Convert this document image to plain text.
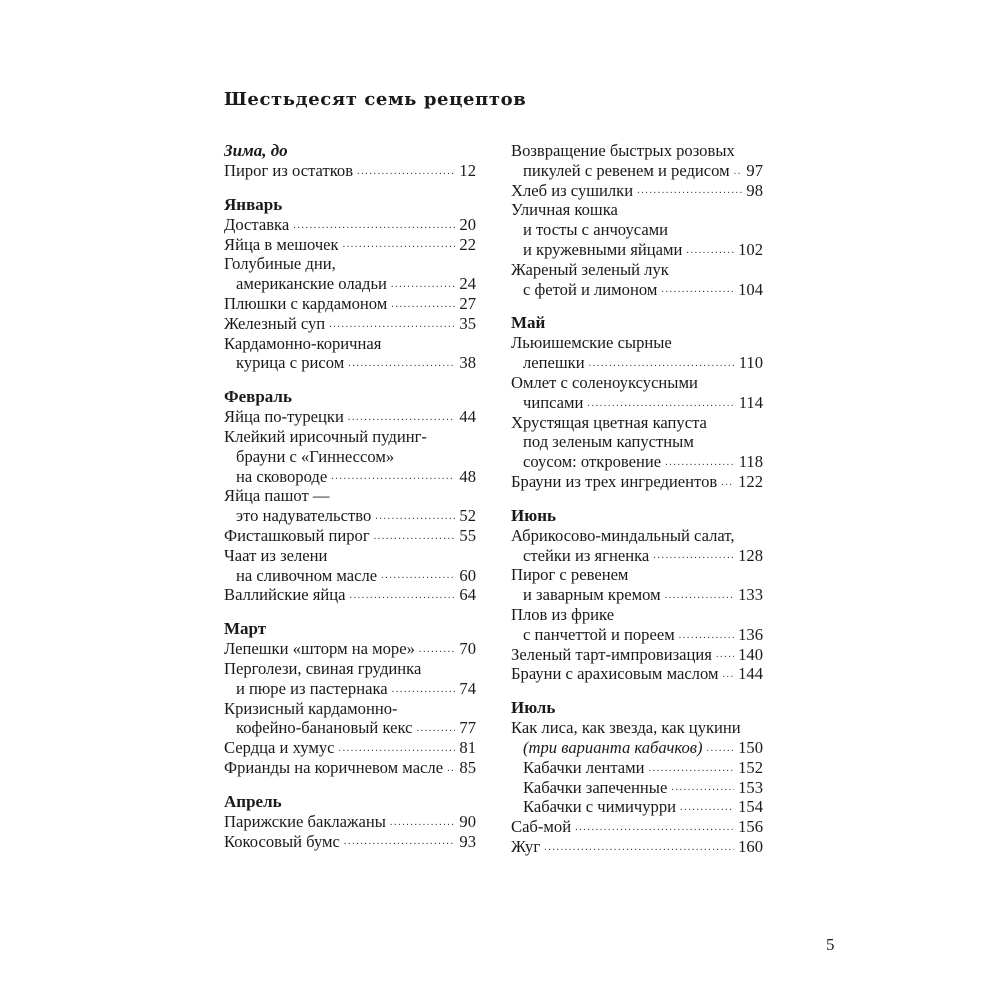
Шестьдесят семь рецептов
Зима, до
Пирог из остатков .....	12
Январь
Доставка .....	20
Яйца в мешочек .....	22
Голубиные дни,
американские оладьи .....	24
Плюшки с кардамоном .....	27
Железный суп .....	35
Кардамонно-коричная
курица с рисом .....	38
Февраль
Яйца по-турецки .....	44
Клейкий ирисочный пудинг-
брауни с «Гиннессом»
на сковороде .....	48
Яйца пашот —
это надувательство .....	52
Фисташковый пирог .....	55
Чаат из зелени
на сливочном масле .....	60
Валлийские яйца .....	64
Март
Лепешки «шторм на море» .....	70
Перголези, свиная грудинка
и пюре из пастернака .....	74
Кризисный кардамонно-
кофейно-банановый кекс .....	77
Сердца и хумус .....	81
Фрианды на коричневом масле ..... 85
Апрель
Парижские баклажаны .....	90
Кокосовый бумс .....	93
Возвращение быстрых розовых
пикулей с ревенем и редисом ..... 97
Хлеб из сушилки .....	98
Уличная кошка
и тосты с анчоусами
и кружевными яйцами .....	102
Жареный зеленый лук
с фетой и лимоном .....	104
Май
Льюишемские сырные
лепешки .....	110
Омлет с соленоуксусными
чипсами .....	114
Хрустящая цветная капуста
под зеленым капустным
соусом: откровение .....	118
Брауни из трех ингредиентов ..... 122
Июнь
Абрикосово-миндальный салат,
стейки из ягненка .....	128
Пирог с ревенем
и заварным кремом .....	133
Плов из фрике
с панчеттой и пореем .....	136
Зеленый тарт-импровизация ..... 140
Брауни с арахисовым маслом ..... 144
Июль
Как лиса, как звезда, как цукини
(три варианта кабачков) ..... 150
Кабачки лентами .....	152
Кабачки запеченные .....	153
Кабачки с чимичурри .....	154
Саб-мой .....	156
Жуг .....	160
5
